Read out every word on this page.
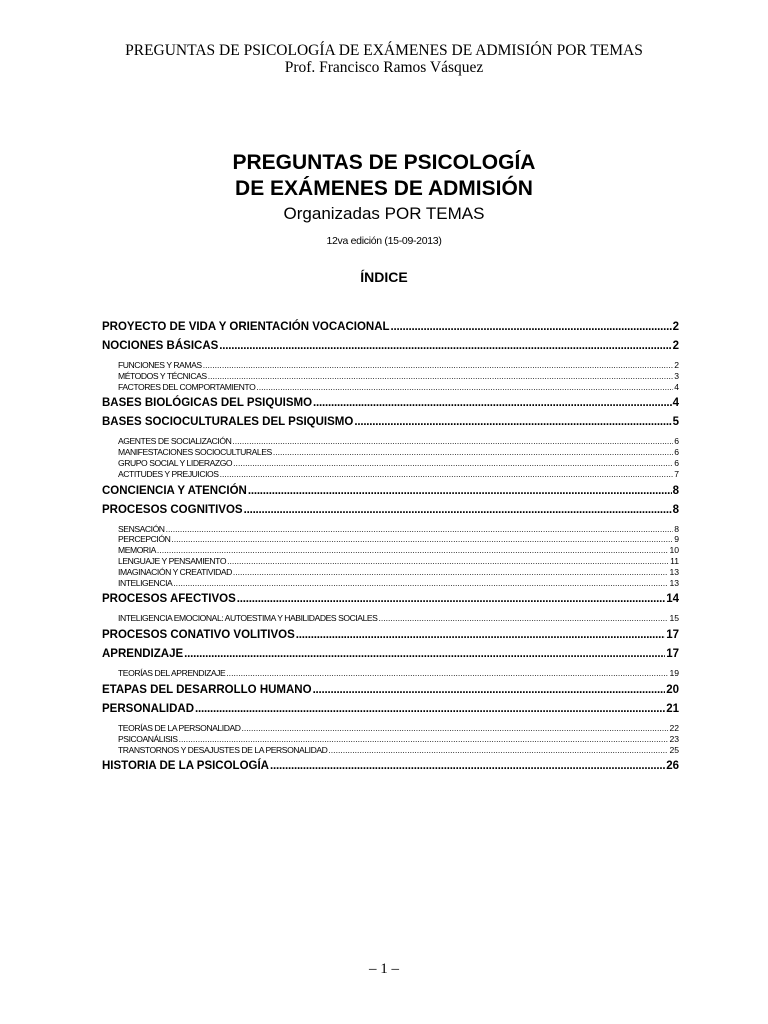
PREGUNTAS DE PSICOLOGÍA DE EXÁMENES DE ADMISIÓN POR TEMAS
Prof. Francisco Ramos Vásquez
PREGUNTAS DE PSICOLOGÍA
DE EXÁMENES DE ADMISIÓN
Organizadas POR TEMAS
12va edición (15-09-2013)
ÍNDICE
PROYECTO DE VIDA Y ORIENTACIÓN VOCACIONAL .....	2
NOCIONES BÁSICAS .....	2
FUNCIONES Y RAMAS .....	2
MÉTODOS Y TÉCNICAS .....	3
FACTORES DEL COMPORTAMIENTO .....	4
BASES BIOLÓGICAS DEL PSIQUISMO .....	4
BASES SOCIOCULTURALES DEL PSIQUISMO .....	5
AGENTES DE SOCIALIZACIÓN .....	6
MANIFESTACIONES SOCIOCULTURALES .....	6
GRUPO SOCIAL Y LIDERAZGO .....	6
ACTITUDES Y PREJUICIOS .....	7
CONCIENCIA Y ATENCIÓN .....	8
PROCESOS COGNITIVOS .....	8
SENSACIÓN .....	8
PERCEPCIÓN .....	9
MEMORIA .....	10
LENGUAJE Y PENSAMIENTO .....	11
IMAGINACIÓN Y CREATIVIDAD .....	13
INTELIGENCIA .....	13
PROCESOS AFECTIVOS .....	14
INTELIGENCIA EMOCIONAL: AUTOESTIMA Y HABILIDADES SOCIALES .....	15
PROCESOS CONATIVO VOLITIVOS .....	17
APRENDIZAJE .....	17
TEORÍAS DEL APRENDIZAJE .....	19
ETAPAS DEL DESARROLLO HUMANO .....	20
PERSONALIDAD .....	21
TEORÍAS DE LA PERSONALIDAD .....	22
PSICOANÁLISIS .....	23
TRANSTORNOS Y DESAJUSTES DE LA PERSONALIDAD .....	25
HISTORIA DE LA PSICOLOGÍA .....	26
– 1 –
